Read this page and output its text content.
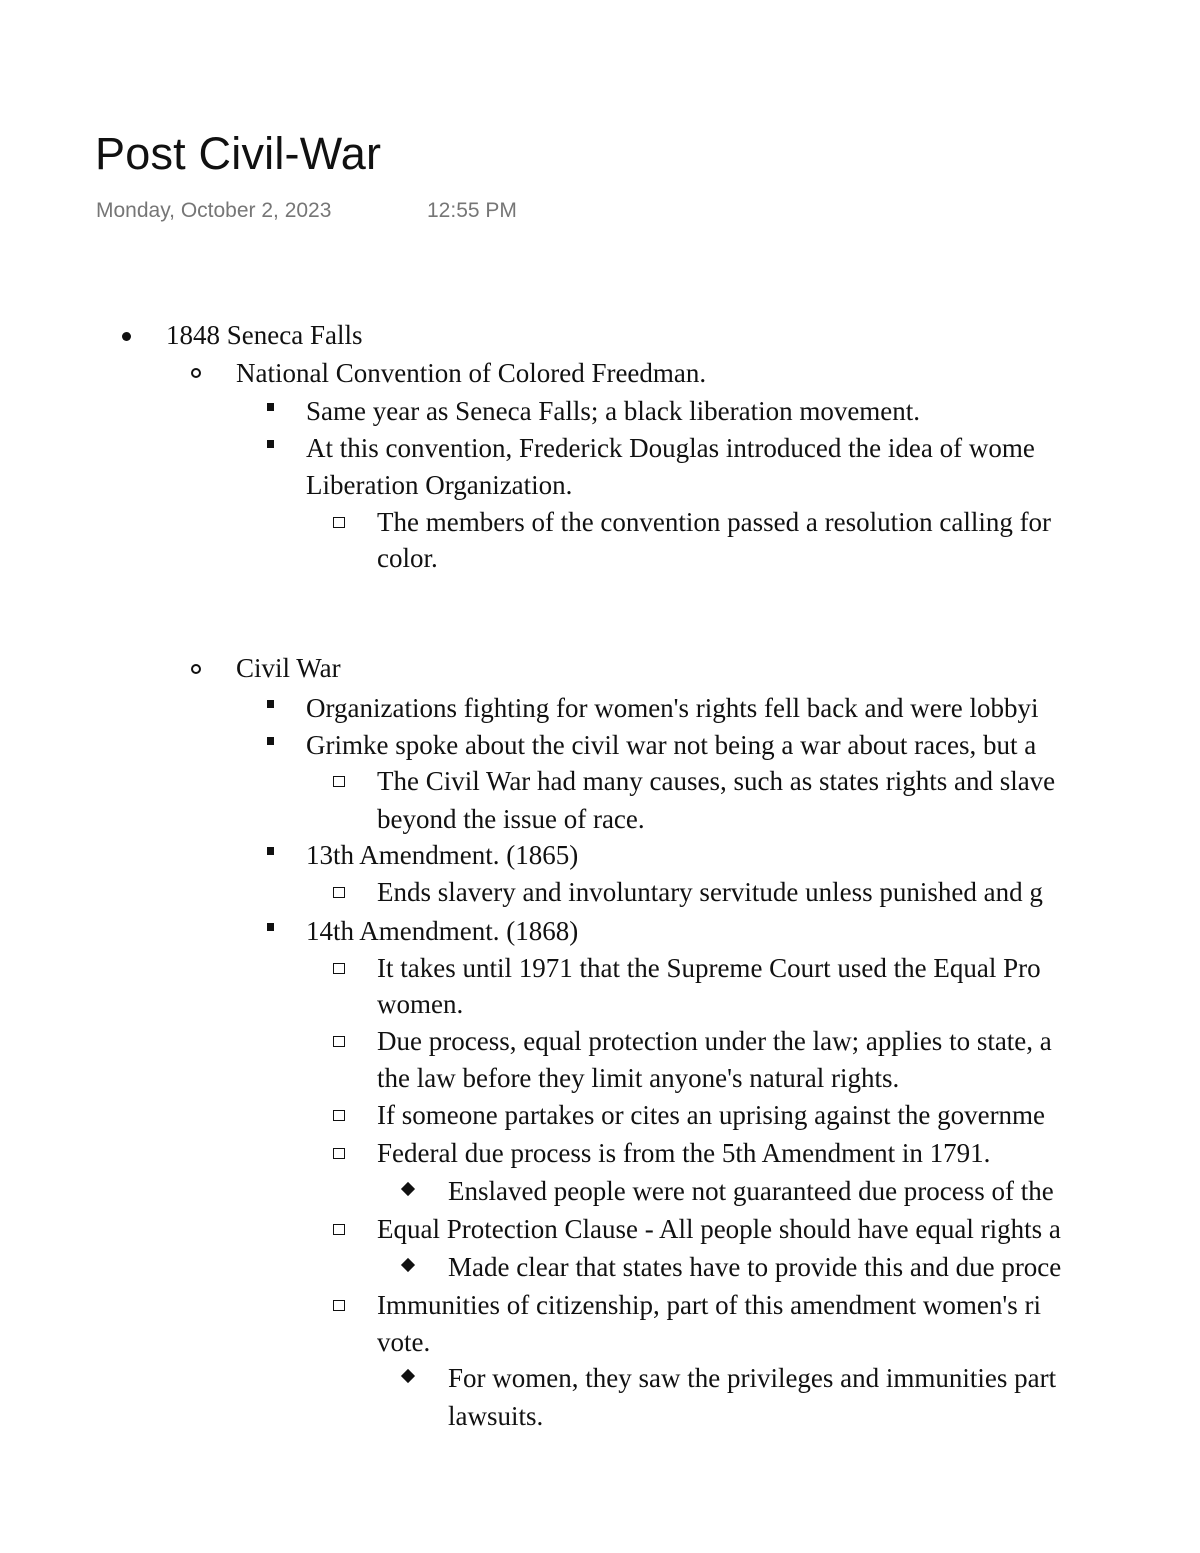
Post Civil-War
Monday, October 2, 2023	12:55 PM
1848 Seneca Falls
National Convention of Colored Freedman.
Same year as Seneca Falls; a black liberation movement.
At this convention, Frederick Douglas introduced the idea of wome
Liberation Organization.
The members of the convention passed a resolution calling for
color.
Civil War
Organizations fighting for women's rights fell back and were lobbyi
Grimke spoke about the civil war not being a war about races, but a
The Civil War had many causes, such as states rights and slave
beyond the issue of race.
13th Amendment. (1865)
Ends slavery and involuntary servitude unless punished and g
14th Amendment. (1868)
It takes until 1971 that the Supreme Court used the Equal Pro
women.
Due process, equal protection under the law; applies to state, a
the law before they limit anyone's natural rights.
If someone partakes or cites an uprising against the governme
Federal due process is from the 5th Amendment in 1791.
Enslaved people were not guaranteed due process of the
Equal Protection Clause - All people should have equal rights a
Made clear that states have to provide this and due proce
Immunities of citizenship, part of this amendment women's ri
vote.
For women, they saw the privileges and immunities part
lawsuits.
